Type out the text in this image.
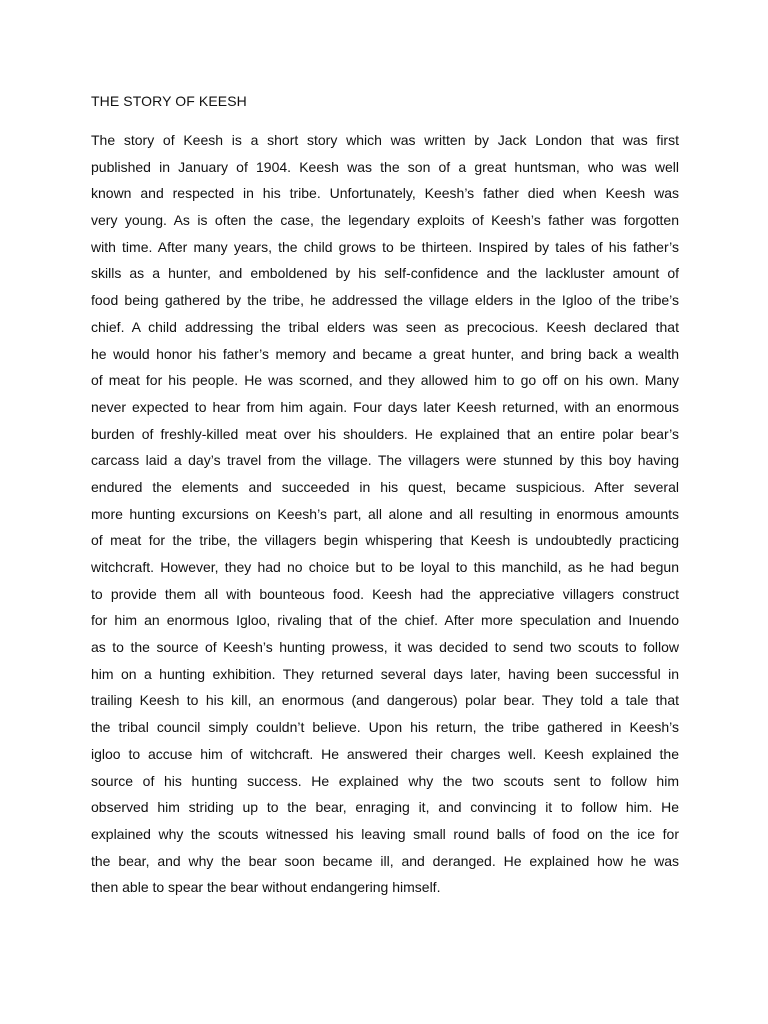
THE STORY OF KEESH
The story of Keesh is a short story which was written by Jack London that was first
published in January of 1904. Keesh was the son of a great huntsman, who was well
known and respected in his tribe. Unfortunately, Keesh’s father died when Keesh was
very young. As is often the case, the legendary exploits of Keesh’s father was forgotten
with time. After many years, the child grows to be thirteen. Inspired by tales of his father’s
skills as a hunter, and emboldened by his self-confidence and the lackluster amount of
food being gathered by the tribe, he addressed the village elders in the Igloo of the tribe’s
chief. A child addressing the tribal elders was seen as precocious. Keesh declared that
he would honor his father’s memory and became a great hunter, and bring back a wealth
of meat for his people. He was scorned, and they allowed him to go off on his own. Many
never expected to hear from him again. Four days later Keesh returned, with an enormous
burden of freshly-killed meat over his shoulders. He explained that an entire polar bear’s
carcass laid a day’s travel from the village. The villagers were stunned by this boy having
endured the elements and succeeded in his quest, became suspicious. After several
more hunting excursions on Keesh’s part, all alone and all resulting in enormous amounts
of meat for the tribe, the villagers begin whispering that Keesh is undoubtedly practicing
witchcraft. However, they had no choice but to be loyal to this manchild, as he had begun
to provide them all with bounteous food. Keesh had the appreciative villagers construct
for him an enormous Igloo, rivaling that of the chief. After more speculation and Inuendo
as to the source of Keesh’s hunting prowess, it was decided to send two scouts to follow
him on a hunting exhibition. They returned several days later, having been successful in
trailing Keesh to his kill, an enormous (and dangerous) polar bear. They told a tale that
the tribal council simply couldn’t believe. Upon his return, the tribe gathered in Keesh’s
igloo to accuse him of witchcraft. He answered their charges well. Keesh explained the
source of his hunting success. He explained why the two scouts sent to follow him
observed him striding up to the bear, enraging it, and convincing it to follow him. He
explained why the scouts witnessed his leaving small round balls of food on the ice for
the bear, and why the bear soon became ill, and deranged. He explained how he was
then able to spear the bear without endangering himself.
